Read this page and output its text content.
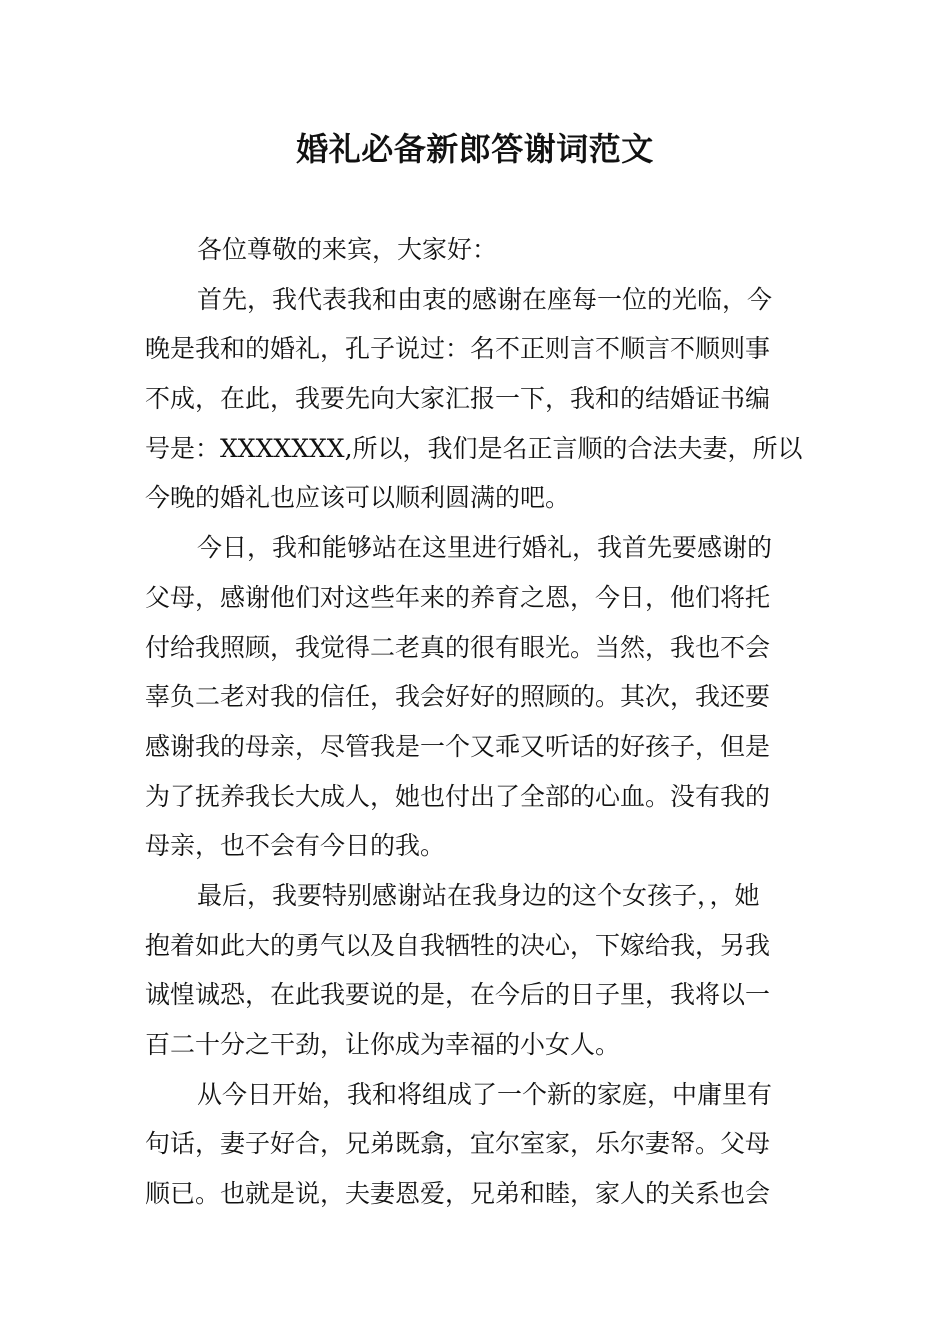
婚礼必备新郎答谢词范文
各位尊敬的来宾，大家好：
首先，我代表我和由衷的感谢在座每一位的光临，今
晚是我和的婚礼，孔子说过：名不正则言不顺言不顺则事
不成，在此，我要先向大家汇报一下，我和的结婚证书编
号是：XXXXXXX,所以，我们是名正言顺的合法夫妻，所以
今晚的婚礼也应该可以顺利圆满的吧。
今日，我和能够站在这里进行婚礼，我首先要感谢的
父母，感谢他们对这些年来的养育之恩，今日，他们将托
付给我照顾，我觉得二老真的很有眼光。当然，我也不会
辜负二老对我的信任，我会好好的照顾的。其次，我还要
感谢我的母亲，尽管我是一个又乖又听话的好孩子，但是
为了抚养我长大成人，她也付出了全部的心血。没有我的
母亲，也不会有今日的我。
最后，我要特别感谢站在我身边的这个女孩子，，她
抱着如此大的勇气以及自我牺牲的决心，下嫁给我，另我
诚惶诚恐，在此我要说的是，在今后的日子里，我将以一
百二十分之干劲，让你成为幸福的小女人。
从今日开始，我和将组成了一个新的家庭，中庸里有
句话，妻子好合，兄弟既翕，宜尔室家，乐尔妻帑。父母
顺已。也就是说，夫妻恩爱，兄弟和睦，家人的关系也会
